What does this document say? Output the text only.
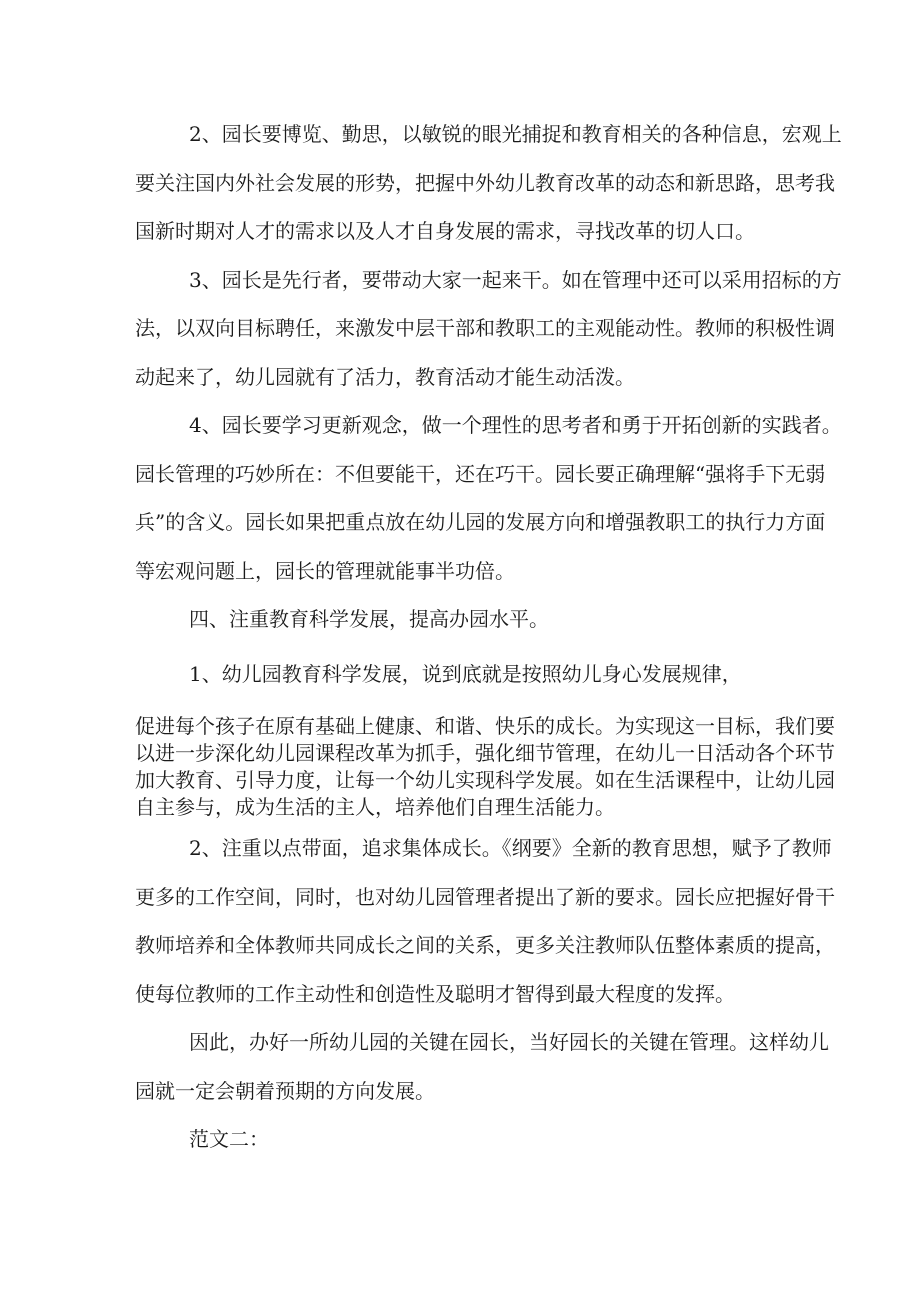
2、园长要博览、勤思，以敏锐的眼光捕捉和教育相关的各种信息，宏观上
要关注国内外社会发展的形势，把握中外幼儿教育改革的动态和新思路，思考我
国新时期对人才的需求以及人才自身发展的需求，寻找改革的切人口。
3、园长是先行者，要带动大家一起来干。如在管理中还可以采用招标的方
法，以双向目标聘任，来激发中层干部和教职工的主观能动性。教师的积极性调
动起来了，幼儿园就有了活力，教育活动才能生动活泼。
4、园长要学习更新观念，做一个理性的思考者和勇于开拓创新的实践者。
园长管理的巧妙所在：不但要能干，还在巧干。园长要正确理解“强将手下无弱
兵”的含义。园长如果把重点放在幼儿园的发展方向和增强教职工的执行力方面
等宏观问题上，园长的管理就能事半功倍。
四、注重教育科学发展，提高办园水平。
1、幼儿园教育科学发展，说到底就是按照幼儿身心发展规律，
促进每个孩子在原有基础上健康、和谐、快乐的成长。为实现这一目标，我们要
以进一步深化幼儿园课程改革为抓手，强化细节管理，在幼儿一日活动各个环节
加大教育、引导力度，让每一个幼儿实现科学发展。如在生活课程中，让幼儿园
自主参与，成为生活的主人，培养他们自理生活能力。
2、注重以点带面，追求集体成长。《纲要》全新的教育思想，赋予了教师
更多的工作空间，同时，也对幼儿园管理者提出了新的要求。园长应把握好骨干
教师培养和全体教师共同成长之间的关系，更多关注教师队伍整体素质的提高，
使每位教师的工作主动性和创造性及聪明才智得到最大程度的发挥。
因此，办好一所幼儿园的关键在园长，当好园长的关键在管理。这样幼儿
园就一定会朝着预期的方向发展。
范文二：
